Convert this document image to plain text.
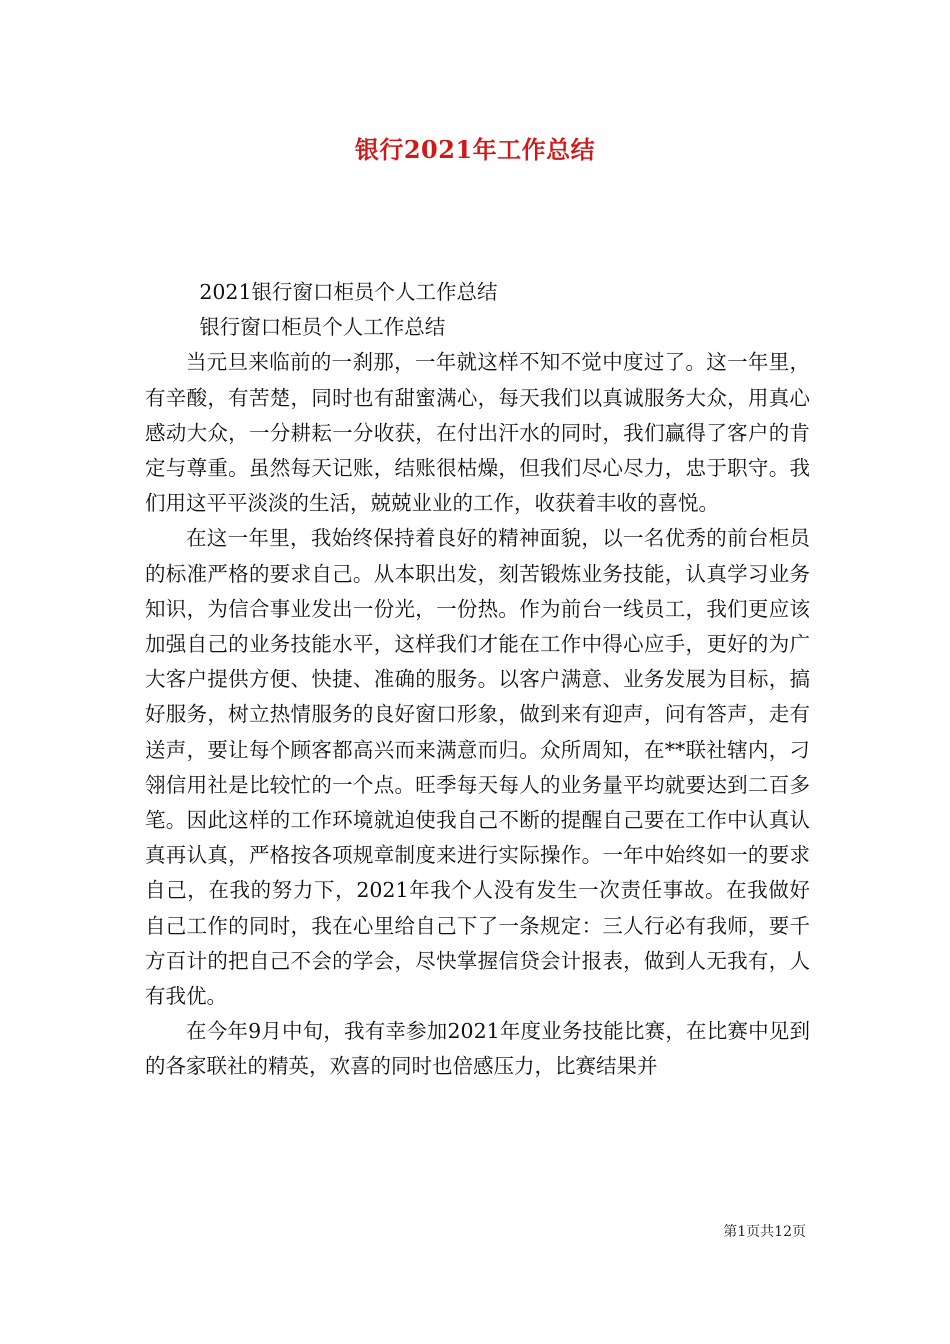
银行2021年工作总结

2021银行窗口柜员个人工作总结

银行窗口柜员个人工作总结

当元旦来临前的一刹那，一年就这样不知不觉中度过了。这一年里，有辛酸，有苦楚，同时也有甜蜜满心，每天我们以真诚服务大众，用真心感动大众，一分耕耘一分收获，在付出汗水的同时，我们赢得了客户的肯定与尊重。虽然每天记账，结账很枯燥，但我们尽心尽力，忠于职守。我们用这平平淡淡的生活，兢兢业业的工作，收获着丰收的喜悦。

在这一年里，我始终保持着良好的精神面貌，以一名优秀的前台柜员的标准严格的要求自己。从本职出发，刻苦锻炼业务技能，认真学习业务知识，为信合事业发出一份光，一份热。作为前台一线员工，我们更应该加强自己的业务技能水平，这样我们才能在工作中得心应手，更好的为广大客户提供方便、快捷、准确的服务。以客户满意、业务发展为目标，搞好服务，树立热情服务的良好窗口形象，做到来有迎声，问有答声，走有送声，要让每个顾客都高兴而来满意而归。众所周知，在**联社辖内，刁翎信用社是比较忙的一个点。旺季每天每人的业务量平均就要达到二百多笔。因此这样的工作环境就迫使我自己不断的提醒自己要在工作中认真认真再认真，严格按各项规章制度来进行实际操作。一年中始终如一的要求自己，在我的努力下，2021年我个人没有发生一次责任事故。在我做好自己工作的同时，我在心里给自己下了一条规定：三人行必有我师，要千方百计的把自己不会的学会，尽快掌握信贷会计报表，做到人无我有，人有我优。

在今年9月中旬，我有幸参加2021年度业务技能比赛，在比赛中见到的各家联社的精英，欢喜的同时也倍感压力，比赛结果并

第1页共12页
